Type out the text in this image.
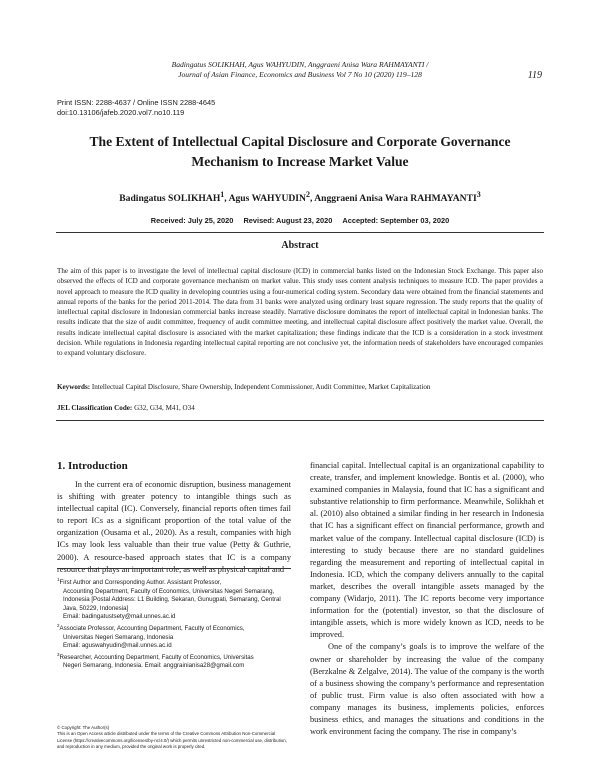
Badingatus SOLIKHAH, Agus WAHYUDIN, Anggraeni Anisa Wara RAHMAYANTI /
Journal of Asian Finance, Economics and Business Vol 7 No 10 (2020) 119–128	119
Print ISSN: 2288-4637 / Online ISSN 2288-4645
doi:10.13106/jafeb.2020.vol7.no10.119
The Extent of Intellectual Capital Disclosure and Corporate Governance
Mechanism to Increase Market Value
Badingatus SOLIKHAH$^1$, Agus WAHYUDIN$^2$, Anggraeni Anisa Wara RAHMAYANTI$^3$
Received: July 25, 2020 Revised: August 23, 2020 Accepted: September 03, 2020
Abstract

The aim of this paper is to investigate the level of intellectual capital disclosure (ICD) in commercial banks listed on the Indonesian Stock Exchange. This paper also observed the effects of ICD and corporate governance mechanism on market value. This study uses content analysis techniques to measure ICD. The paper provides a novel approach to measure the ICD quality in developing countries using a four-numerical coding system. Secondary data were obtained from the financial statements and annual reports of the banks for the period 2011-2014. The data from 31 banks were analyzed using ordinary least square regression. The study reports that the quality of intellectual capital disclosure in Indonesian commercial banks increase steadily. Narrative disclosure dominates the report of intellectual capital in Indonesian banks. The results indicate that the size of audit committee, frequency of audit committee meeting, and intellectual capital disclosure affect positively the market value. Overall, the results indicate intellectual capital disclosure is associated with the market capitalization; these findings indicate that the ICD is a consideration in a stock investment decision. While regulations in Indonesia regarding intellectual capital reporting are not conclusive yet, the information needs of stakeholders have encouraged companies to expand voluntary disclosure.

Keywords: Intellectual Capital Disclosure, Share Ownership, Independent Commissioner, Audit Committee, Market Capitalization
JEL Classification Code: G32, G34, M41, O34
1. Introduction

In the current era of economic disruption, business management is shifting with greater potency to intangible things such as intellectual capital (IC). Conversely, financial reports often times fail to report ICs as a significant proportion of the total value of the organization (Ousama et al., 2020). As a result, companies with high ICs may look less valuable than their true value (Petty & Guthrie, 2000). A resource-based approach states that IC is a company resource that plays an important role, as well as physical capital and

financial capital. Intellectual capital is an organizational capability to create, transfer, and implement knowledge. Bontis et al. (2000), who examined companies in Malaysia, found that IC has a significant and substantive relationship to firm performance. Meanwhile, Solikhah et al. (2010) also obtained a similar finding in her research in Indonesia that IC has a significant effect on financial performance, growth and market value of the company. Intellectual capital disclosure (ICD) is interesting to study because there are no standard guidelines regarding the measurement and reporting of intellectual capital in Indonesia. ICD, which the company delivers annually to the capital market, describes the overall intangible assets managed by the company (Widarjo, 2011). The IC reports become very importance information for the (potential) investor, so that the disclosure of intangible assets, which is more widely known as ICD, needs to be improved.

One of the company’s goals is to improve the welfare of the owner or shareholder by increasing the value of the company (Berzkalne & Zelgalve, 2014). The value of the company is the worth of a business showing the company’s performance and representation of public trust. Firm value is also often associated with how a company manages its business, implements policies, enforces business ethics, and manages the situations and conditions in the work environment facing the company. The rise in company’s

$^1$First Author and Corresponding Author. Assistant Professor,
Accounting Department, Faculty of Economics, Universitas Negeri Semarang, Indonesia [Postal Address: L1 Building, Sekaran, Gunugpati, Semarang, Central Java, 50229, Indonesia]
Email: badingatustsety@mail.unnes.ac.id
$^2$Associate Professor, Accounting Department, Faculty of Economics,
Universitas Negeri Semarang, Indonesia
Email: aguswahyudin@mail.unnes.ac.id
$^3$Researcher, Accounting Department, Faculty of Economics, Universitas
Negeri Semarang, Indonesia. Email: anggrainianisa28@gmail.com
© Copyright: The Author(s)
This is an Open Access article distributed under the terms of the Creative Commons Attribution Non-Commercial License (https://creativecommons.org/licenses/by-nc/4.0/) which permits unrestricted non-commercial use, distribution, and reproduction in any medium, provided the original work is properly cited.
